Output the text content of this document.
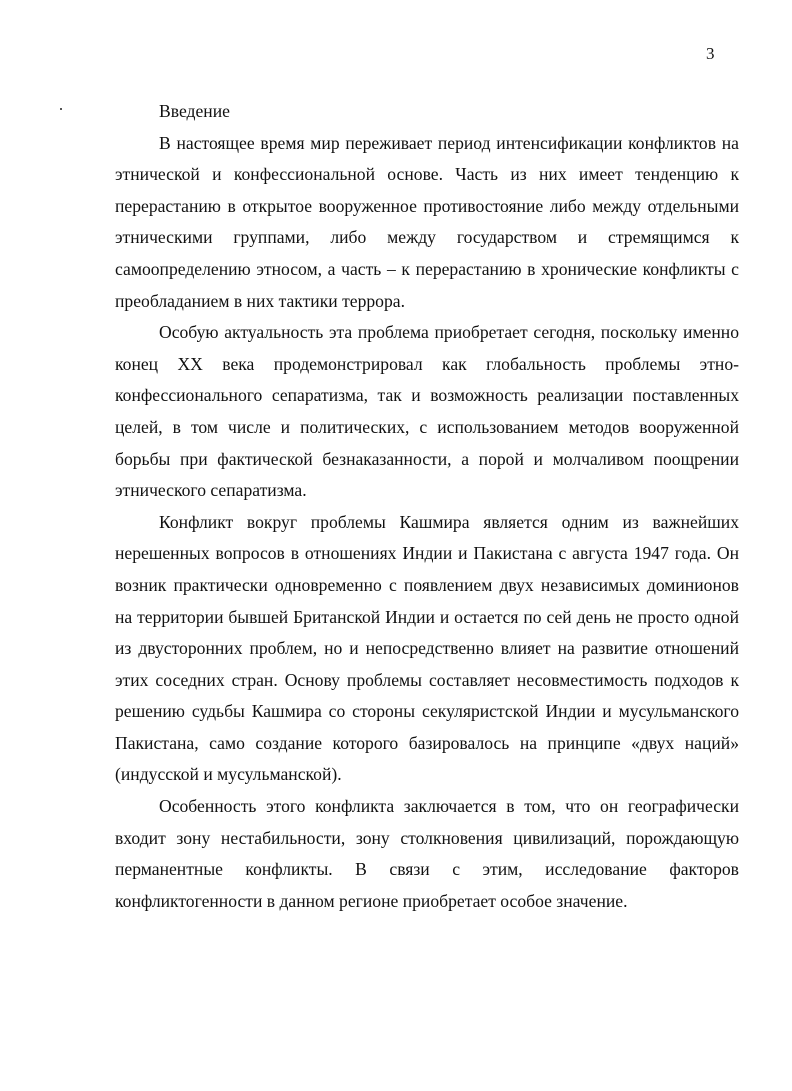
3
Введение

В настоящее время мир переживает период интенсификации конфликтов на этнической и конфессиональной основе. Часть из них имеет тенденцию к перерастанию в открытое вооруженное противостояние либо между отдельными этническими группами, либо между государством и стремящимся к самоопределению этносом, а часть – к перерастанию в хронические конфликты с преобладанием в них тактики террора.

Особую актуальность эта проблема приобретает сегодня, поскольку именно конец XX века продемонстрировал как глобальность проблемы этно-конфессионального сепаратизма, так и возможность реализации поставленных целей, в том числе и политических, с использованием методов вооруженной борьбы при фактической безнаказанности, а порой и молчаливом поощрении этнического сепаратизма.

Конфликт вокруг проблемы Кашмира является одним из важнейших нерешенных вопросов в отношениях Индии и Пакистана с августа 1947 года. Он возник практически одновременно с появлением двух независимых доминионов на территории бывшей Британской Индии и остается по сей день не просто одной из двусторонних проблем, но и непосредственно влияет на развитие отношений этих соседних стран. Основу проблемы составляет несовместимость подходов к решению судьбы Кашмира со стороны секуляристской Индии и мусульманского Пакистана, само создание которого базировалось на принципе «двух наций» (индусской и мусульманской).

Особенность этого конфликта заключается в том, что он географически входит зону нестабильности, зону столкновения цивилизаций, порождающую перманентные конфликты. В связи с этим, исследование факторов конфликтогенности в данном регионе приобретает особое значение.
